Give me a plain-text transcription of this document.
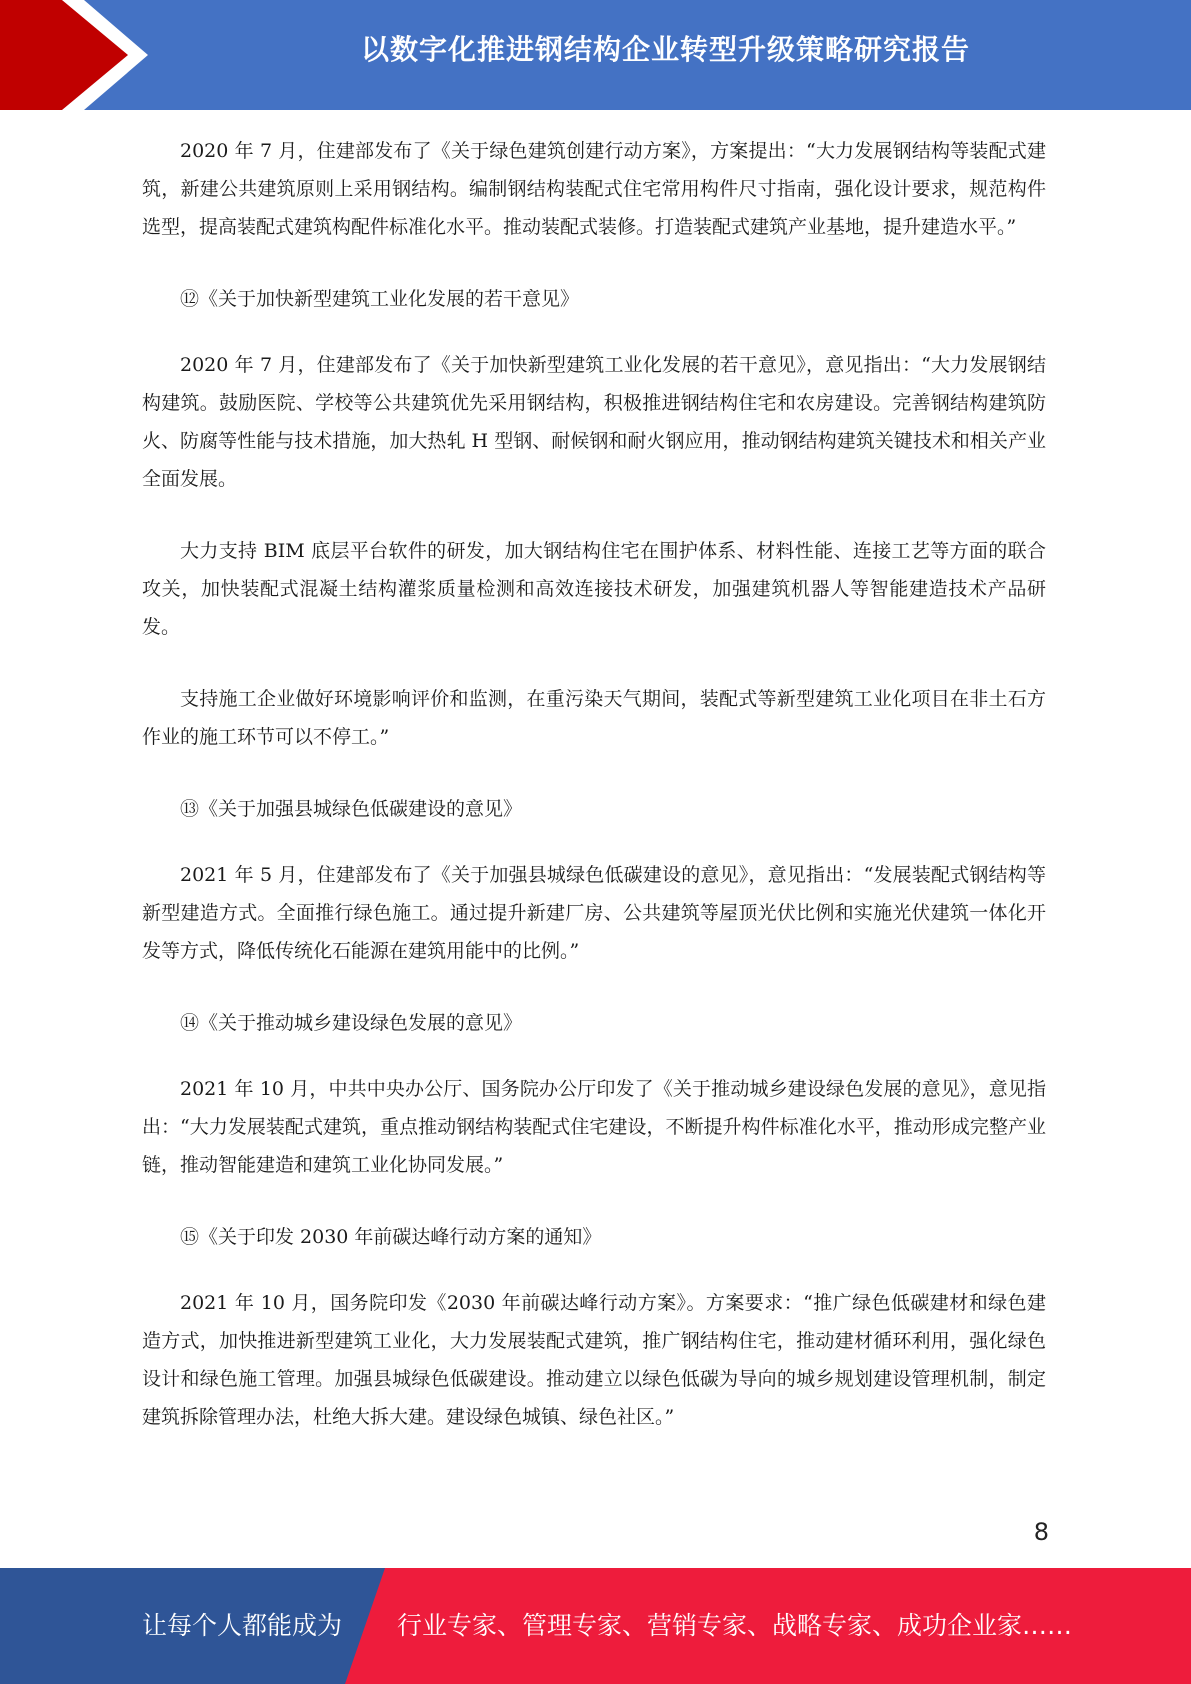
以数字化推进钢结构企业转型升级策略研究报告

2020 年 7 月，住建部发布了《关于绿色建筑创建行动方案》，方案提出：“大力发展钢结构等装配式建筑，新建公共建筑原则上采用钢结构。编制钢结构装配式住宅常用构件尺寸指南，强化设计要求，规范构件选型，提高装配式建筑构配件标准化水平。推动装配式装修。打造装配式建筑产业基地，提升建造水平。”

⑫《关于加快新型建筑工业化发展的若干意见》

2020 年 7 月，住建部发布了《关于加快新型建筑工业化发展的若干意见》，意见指出：“大力发展钢结构建筑。鼓励医院、学校等公共建筑优先采用钢结构，积极推进钢结构住宅和农房建设。完善钢结构建筑防火、防腐等性能与技术措施，加大热轧 H 型钢、耐候钢和耐火钢应用，推动钢结构建筑关键技术和相关产业全面发展。

大力支持 BIM 底层平台软件的研发，加大钢结构住宅在围护体系、材料性能、连接工艺等方面的联合攻关，加快装配式混凝土结构灌浆质量检测和高效连接技术研发，加强建筑机器人等智能建造技术产品研发。

支持施工企业做好环境影响评价和监测，在重污染天气期间，装配式等新型建筑工业化项目在非土石方作业的施工环节可以不停工。”

⑬《关于加强县城绿色低碳建设的意见》

2021 年 5 月，住建部发布了《关于加强县城绿色低碳建设的意见》，意见指出：“发展装配式钢结构等新型建造方式。全面推行绿色施工。通过提升新建厂房、公共建筑等屋顶光伏比例和实施光伏建筑一体化开发等方式，降低传统化石能源在建筑用能中的比例。”

⑭《关于推动城乡建设绿色发展的意见》

2021 年 10 月，中共中央办公厅、国务院办公厅印发了《关于推动城乡建设绿色发展的意见》，意见指出：“大力发展装配式建筑，重点推动钢结构装配式住宅建设，不断提升构件标准化水平，推动形成完整产业链，推动智能建造和建筑工业化协同发展。”

⑮《关于印发 2030 年前碳达峰行动方案的通知》

2021 年 10 月，国务院印发《2030 年前碳达峰行动方案》。方案要求：“推广绿色低碳建材和绿色建造方式，加快推进新型建筑工业化，大力发展装配式建筑，推广钢结构住宅，推动建材循环利用，强化绿色设计和绿色施工管理。加强县城绿色低碳建设。推动建立以绿色低碳为导向的城乡规划建设管理机制，制定建筑拆除管理办法，杜绝大拆大建。建设绿色城镇、绿色社区。”

8
让每个人都能成为 行业专家、管理专家、营销专家、战略专家、成功企业家……
